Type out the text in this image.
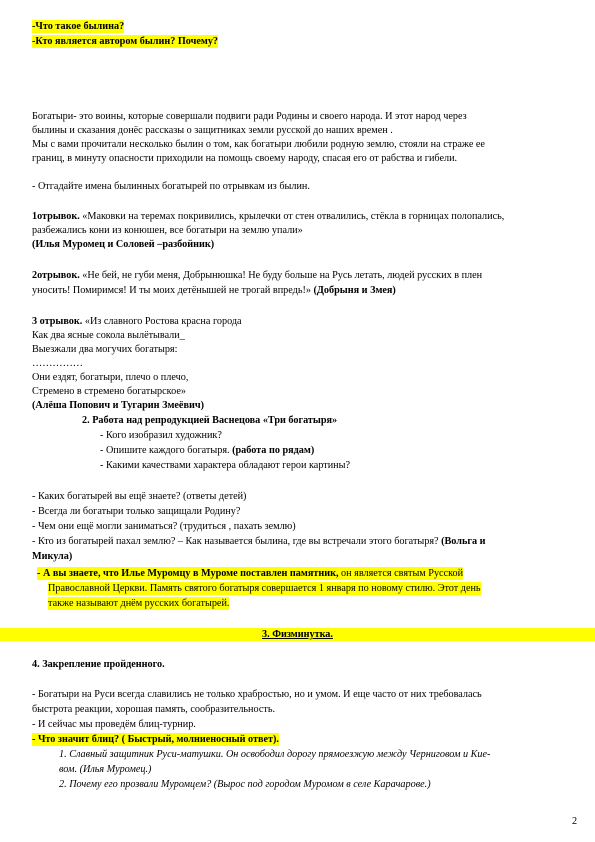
-Что такое былина?
-Кто является автором былин? Почему?
Богатыри- это воины, которые совершали подвиги ради Родины и своего народа. И этот народ через
былины и сказания донёс рассказы о защитниках земли русской до наших времен .
Мы с вами прочитали несколько былин о том, как богатыри любили родную землю, стояли на страже ее
границ, в минуту опасности приходили на помощь своему народу, спасая его от рабства и гибели.
- Отгадайте имена былинных богатырей по отрывкам из былин.
1отрывок. «Маковки на теремах покривились, крылечки от стен отвалились, стёкла в горницах полопались,
разбежались кони из конюшен, все богатыри на землю упали»
(Илья Муромец и Соловей –разбойник)
2отрывок. «Не бей, не губи меня, Добрынюшка! Не буду больше на Русь летать, людей русских в плен
уносить! Помиримся! И ты моих детёнышей не трогай впредь!» (Добрыня и Змея)
3 отрывок. «Из славного Ростова красна города
Как два ясные сокола вылётывали_
Выезжали два могучих богатыря:
……………
Они ездят, богатыри, плечо о плечо,
Стремено в стремено богатырское»
(Алёша Попович и Тугарин Змеёвич)
2. Работа над репродукцией Васнецова «Три богатыря»
- Кого изобразил художник?
- Опишите каждого богатыря. (работа по рядам)
- Какими качествами характера обладают герои картины?
- Каких богатырей вы ещё знаете? (ответы детей)
- Всегда ли богатыри только защищали Родину?
- Чем они ещё могли заниматься? (трудиться , пахать землю)
- Кто из богатырей пахал землю? – Как называется былина, где вы встречали этого богатыря? (Вольга и
Микула)
- А вы знаете, что Илье Муромцу в Муроме поставлен памятник, он является святым Русской
Православной Церкви. Память святого богатыря совершается 1 января по новому стилю. Этот день
также называют днём русских богатырей.
3. Физминутка.
4. Закрепление пройденного.
- Богатыри на Руси всегда славились не только храбростью, но и умом. И еще часто от них требовалась
быстрота реакции, хорошая память, сообразительность.
- И сейчас мы проведём блиц-турнир.
- Что значит блиц? ( Быстрый, молниеносный ответ).
1. Славный защитник Руси-матушки. Он освободил дорогу прямоезжую между Черниговом и Кие-
вом. (Илья Муромец.)
2. Почему его прозвали Муромцем? (Вырос под городом Муромом в селе Карачарове.)
2
